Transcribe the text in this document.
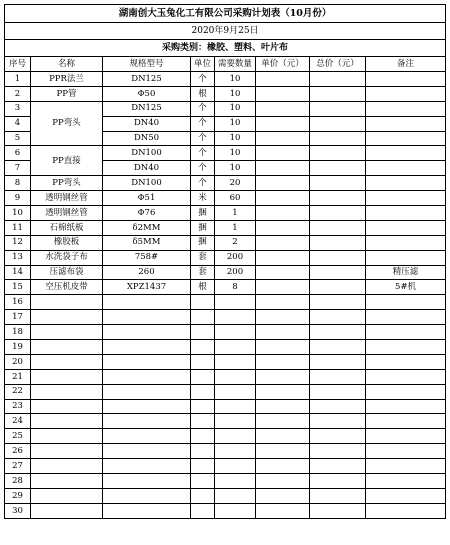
湖南创大玉兔化工有限公司采购计划表（10月份）							
2020年9月25日							
采购类别：橡胶、塑料、叶片布							
序号	名称	规格型号	单位	需要数量	单价（元）	总价（元）	备注
1	PPR法兰	DN125	个	10			
2	PP管	Φ50	根	10			
3	PP弯头	DN125	个	10			
4		DN40	个	10			
5		DN50	个	10			
6	PP直接	DN100	个	10			
7		DN40	个	10			
8	PP弯头	DN100	个	20			
9	透明钢丝管	Φ51	米	60			
10	透明钢丝管	Φ76	捆	1			
11	石棉纸板	δ2MM	捆	1			
12	橡胶板	δ5MM	捆	2			
13	水洗袋子布	758#	套	200			
14	压滤布袋	260	套	200			精压滤
15	空压机皮带	XPZ1437	根	8			5#机
16							
17							
18							
19							
20							
21							
22							
23							
24							
25							
26							
27							
28							
29							
30							
